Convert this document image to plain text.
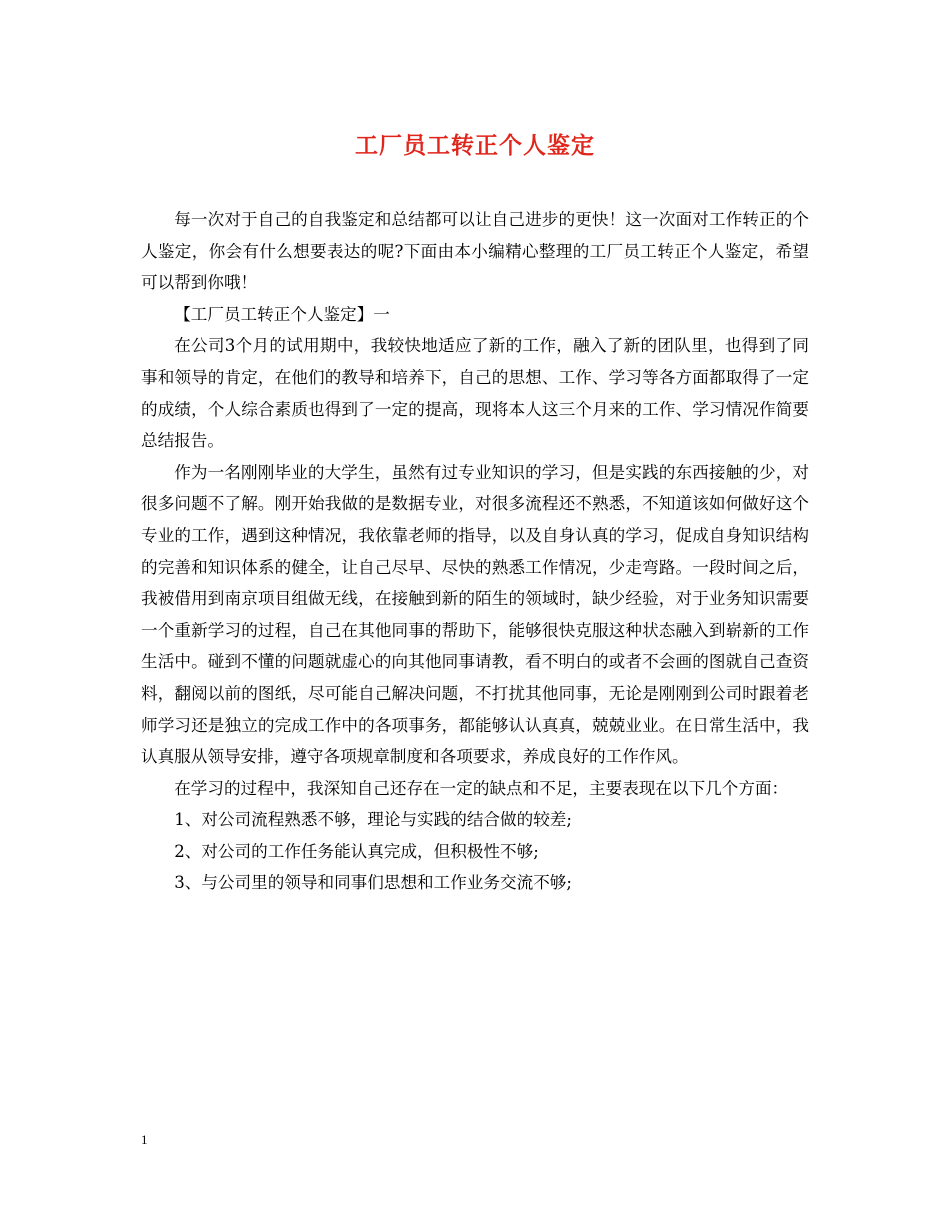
工厂员工转正个人鉴定

每一次对于自己的自我鉴定和总结都可以让自己进步的更快！这一次面对工作转正的个人鉴定，你会有什么想要表达的呢?下面由本小编精心整理的工厂员工转正个人鉴定，希望可以帮到你哦！

【工厂员工转正个人鉴定】一

在公司3个月的试用期中，我较快地适应了新的工作，融入了新的团队里，也得到了同事和领导的肯定，在他们的教导和培养下，自己的思想、工作、学习等各方面都取得了一定的成绩，个人综合素质也得到了一定的提高，现将本人这三个月来的工作、学习情况作简要总结报告。

作为一名刚刚毕业的大学生，虽然有过专业知识的学习，但是实践的东西接触的少，对很多问题不了解。刚开始我做的是数据专业，对很多流程还不熟悉，不知道该如何做好这个专业的工作，遇到这种情况，我依靠老师的指导，以及自身认真的学习，促成自身知识结构的完善和知识体系的健全，让自己尽早、尽快的熟悉工作情况，少走弯路。一段时间之后，我被借用到南京项目组做无线，在接触到新的陌生的领域时，缺少经验，对于业务知识需要一个重新学习的过程，自己在其他同事的帮助下，能够很快克服这种状态融入到崭新的工作生活中。碰到不懂的问题就虚心的向其他同事请教，看不明白的或者不会画的图就自己查资料，翻阅以前的图纸，尽可能自己解决问题，不打扰其他同事，无论是刚刚到公司时跟着老师学习还是独立的完成工作中的各项事务，都能够认认真真，兢兢业业。在日常生活中，我认真服从领导安排，遵守各项规章制度和各项要求，养成良好的工作作风。

在学习的过程中，我深知自己还存在一定的缺点和不足，主要表现在以下几个方面：

1、对公司流程熟悉不够，理论与实践的结合做的较差;

2、对公司的工作任务能认真完成，但积极性不够;

3、与公司里的领导和同事们思想和工作业务交流不够;

1
